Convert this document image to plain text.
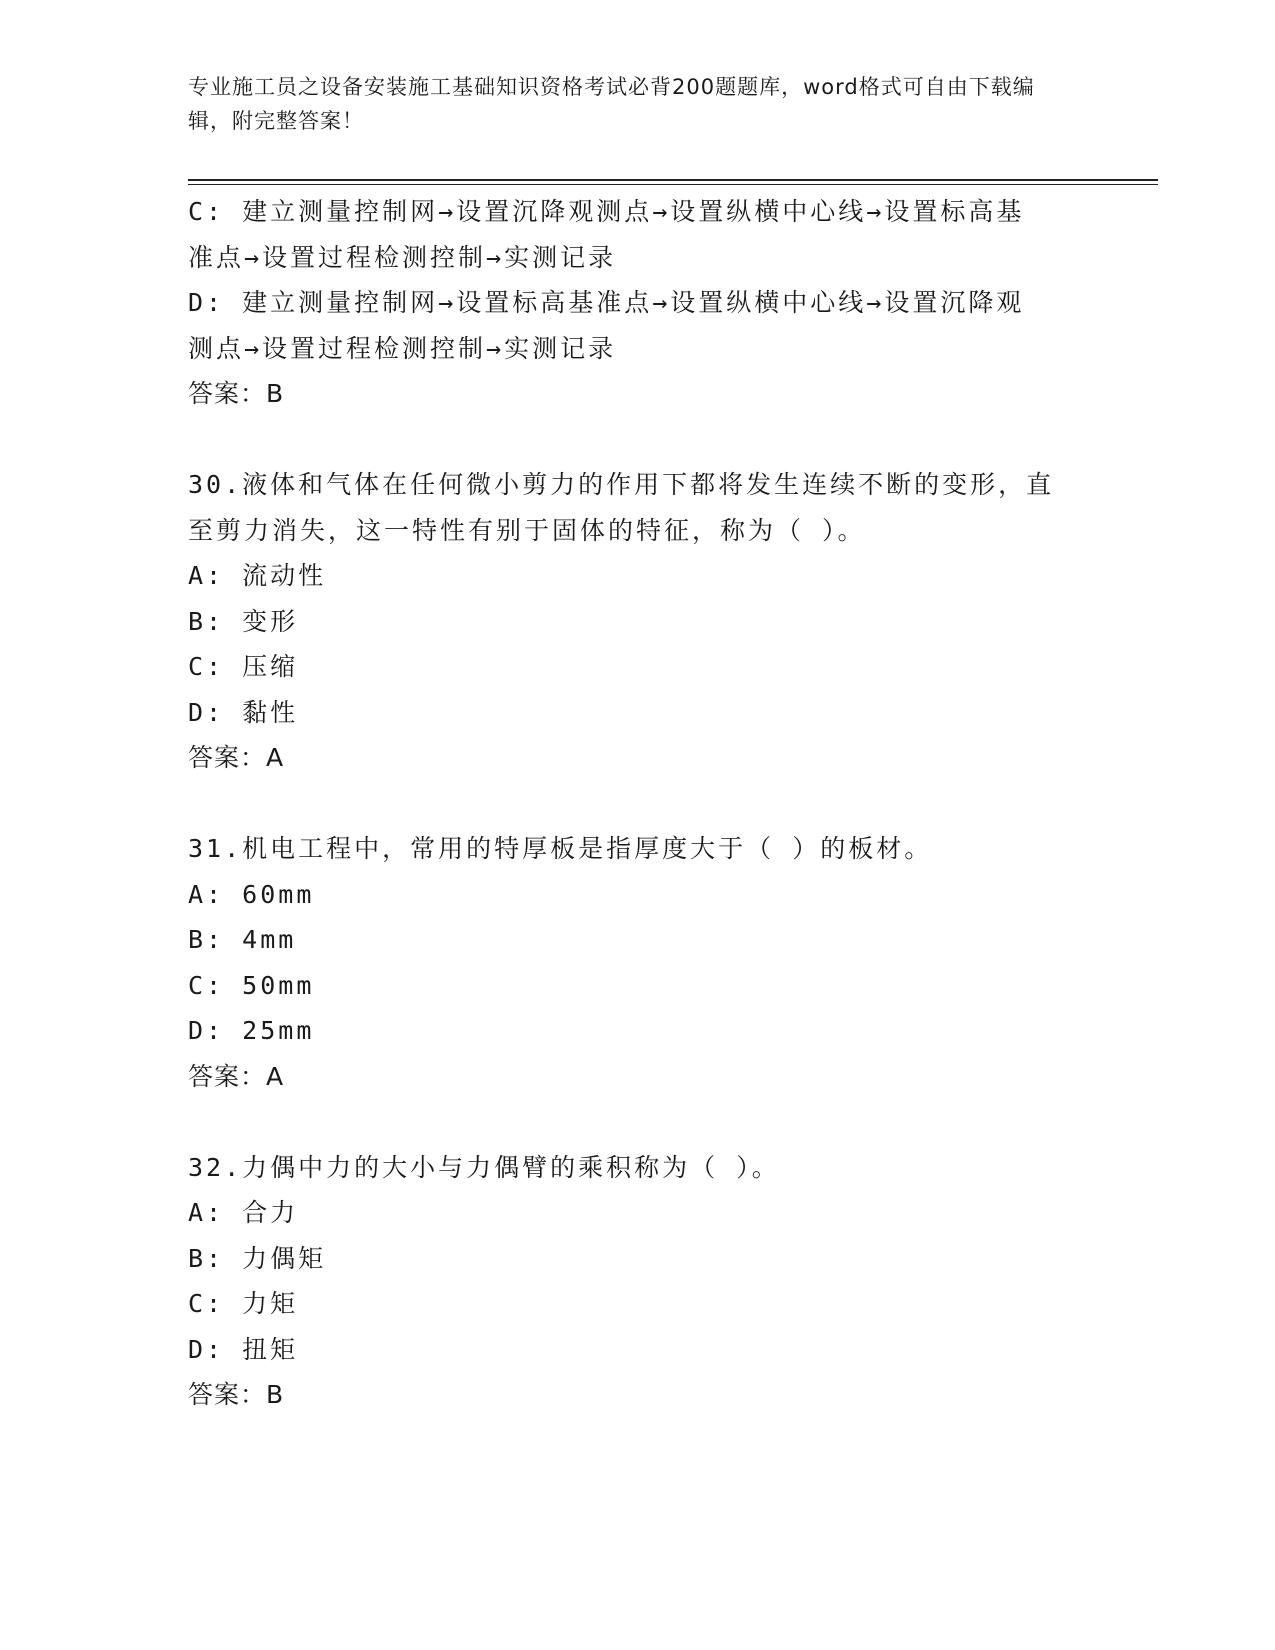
专业施工员之设备安装施工基础知识资格考试必背200题题库，word格式可自由下载编辑，附完整答案！
C: 建立测量控制网→设置沉降观测点→设置纵横中心线→设置标高基
准点→设置过程检测控制→实测记录
D: 建立测量控制网→设置标高基准点→设置纵横中心线→设置沉降观
测点→设置过程检测控制→实测记录
答案：B
30.液体和气体在任何微小剪力的作用下都将发生连续不断的变形，直
至剪力消失，这一特性有别于固体的特征，称为（ ）。
A: 流动性
B: 变形
C: 压缩
D: 黏性
答案：A
31.机电工程中，常用的特厚板是指厚度大于（ ）的板材。
A: 60mm
B: 4mm
C: 50mm
D: 25mm
答案：A
32.力偶中力的大小与力偶臂的乘积称为（ ）。
A: 合力
B: 力偶矩
C: 力矩
D: 扭矩
答案：B
